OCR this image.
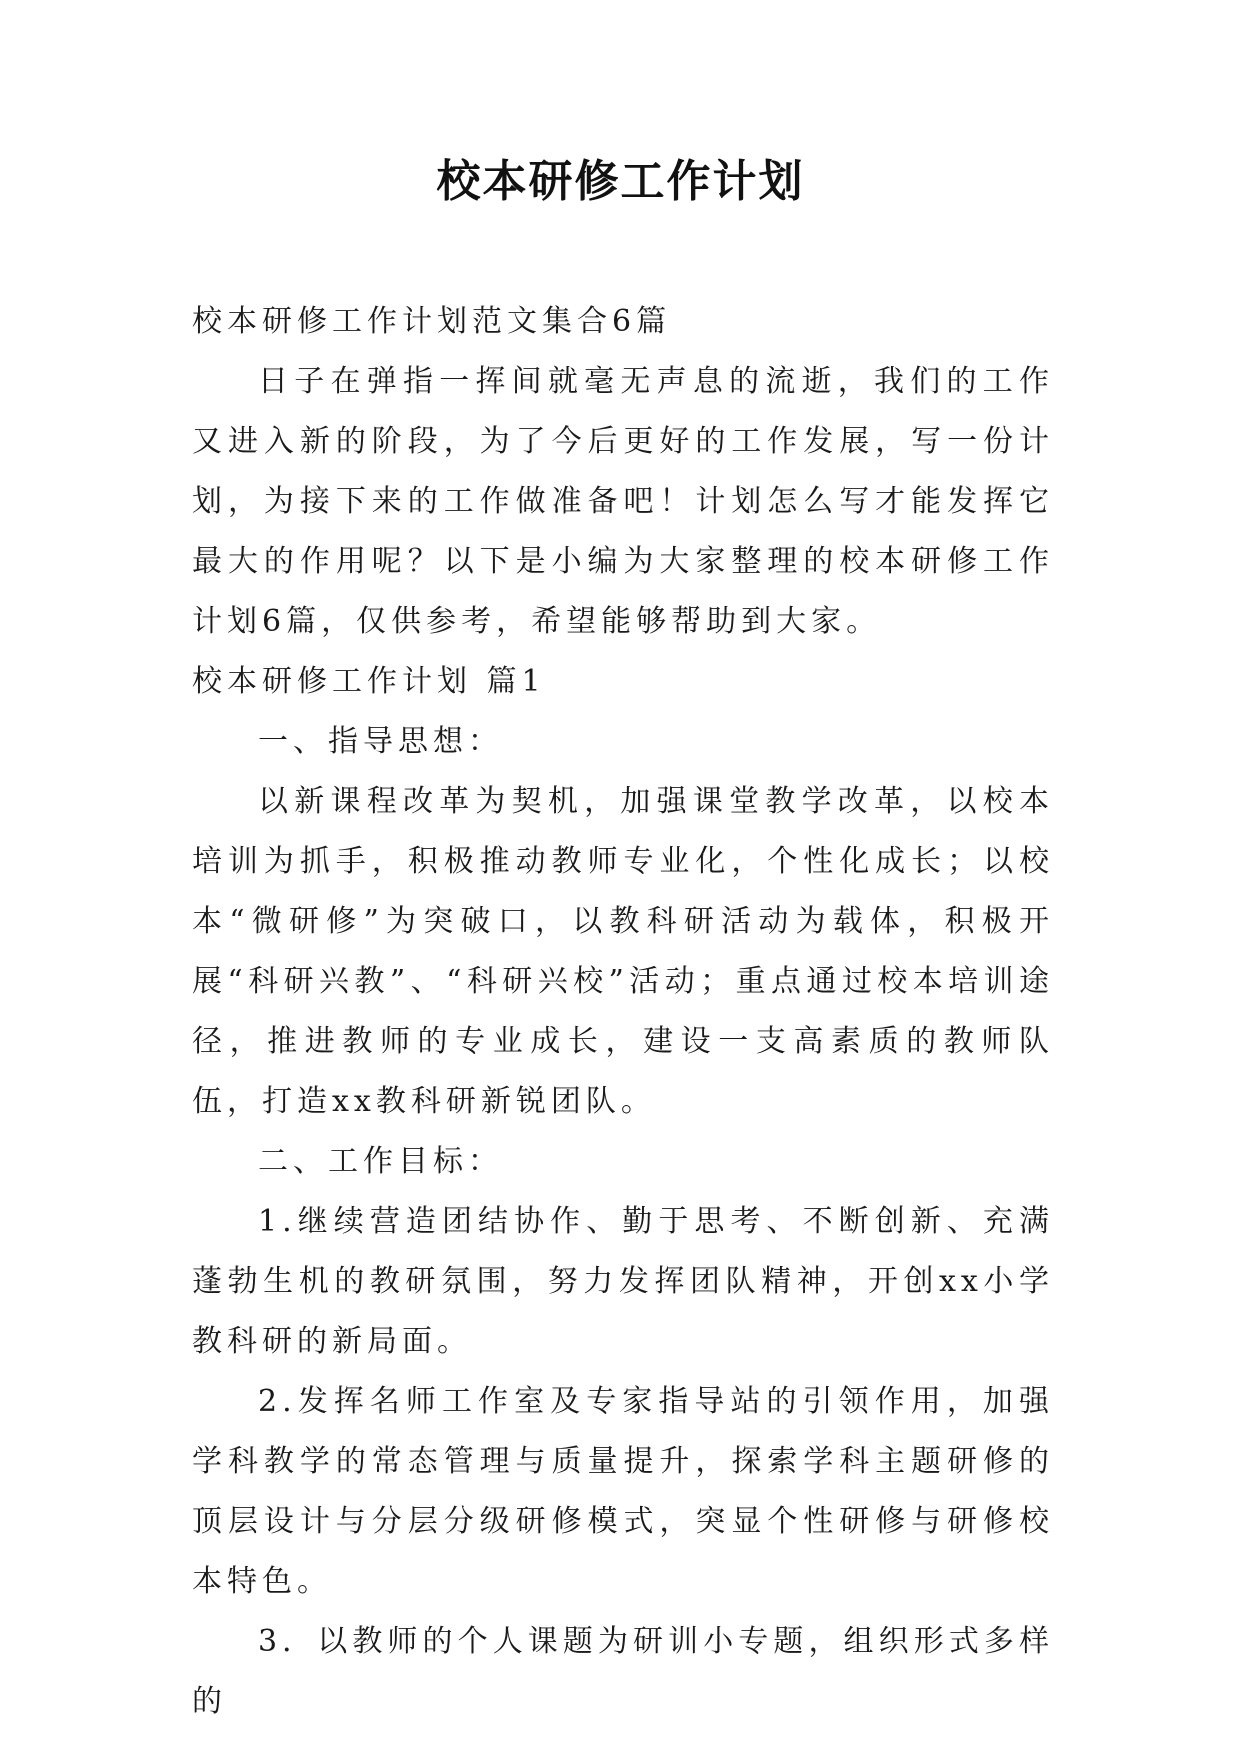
校本研修工作计划

校本研修工作计划范文集合6篇

日子在弹指一挥间就毫无声息的流逝，我们的工作又进入新的阶段，为了今后更好的工作发展，写一份计划，为接下来的工作做准备吧！计划怎么写才能发挥它最大的作用呢？以下是小编为大家整理的校本研修工作计划6篇，仅供参考，希望能够帮助到大家。

校本研修工作计划 篇1

一、指导思想：

以新课程改革为契机，加强课堂教学改革，以校本培训为抓手，积极推动教师专业化，个性化成长；以校本“微研修”为突破口，以教科研活动为载体，积极开展“科研兴教”、“科研兴校”活动；重点通过校本培训途径，推进教师的专业成长，建设一支高素质的教师队伍，打造xx教科研新锐团队。

二、工作目标：

1.继续营造团结协作、勤于思考、不断创新、充满蓬勃生机的教研氛围，努力发挥团队精神，开创xx小学教科研的新局面。

2.发挥名师工作室及专家指导站的引领作用，加强学科教学的常态管理与质量提升，探索学科主题研修的顶层设计与分层分级研修模式，突显个性研修与研修校本特色。

3．以教师的个人课题为研训小专题，组织形式多样的
